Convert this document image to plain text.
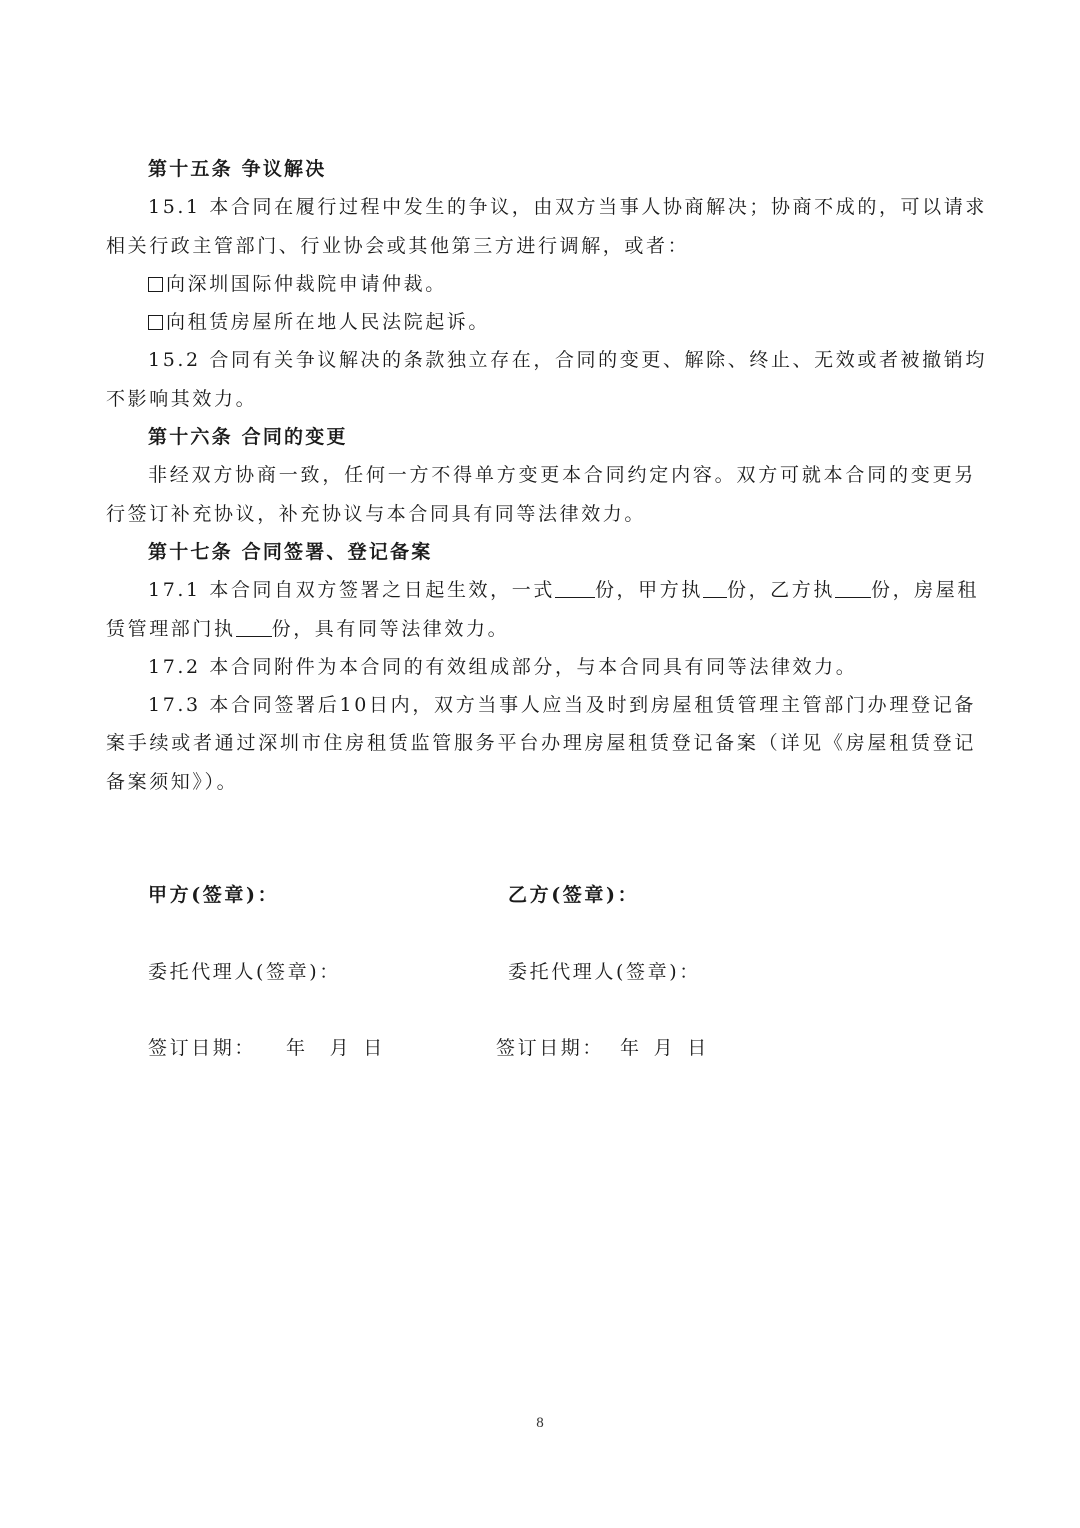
第十五条 争议解决
15.1 本合同在履行过程中发生的争议，由双方当事人协商解决；协商不成的，可以请求
相关行政主管部门、行业协会或其他第三方进行调解，或者：
向深圳国际仲裁院申请仲裁。
向租赁房屋所在地人民法院起诉。
15.2 合同有关争议解决的条款独立存在，合同的变更、解除、终止、无效或者被撤销均
不影响其效力。
第十六条 合同的变更
非经双方协商一致，任何一方不得单方变更本合同约定内容。双方可就本合同的变更另
行签订补充协议，补充协议与本合同具有同等法律效力。
第十七条 合同签署、登记备案
17.1 本合同自双方签署之日起生效，一式 份，甲方执 份，乙方执 份，房屋租
赁管理部门执 份，具有同等法律效力。
17.2 本合同附件为本合同的有效组成部分，与本合同具有同等法律效力。
17.3 本合同签署后10日内，双方当事人应当及时到房屋租赁管理主管部门办理登记备
案手续或者通过深圳市住房租赁监管服务平台办理房屋租赁登记备案（详见《房屋租赁登记
备案须知》）。
甲方(签章)：	乙方(签章)：
委托代理人(签章)：	委托代理人(签章)：
签订日期： 年 月 日	签订日期： 年 月 日
8
